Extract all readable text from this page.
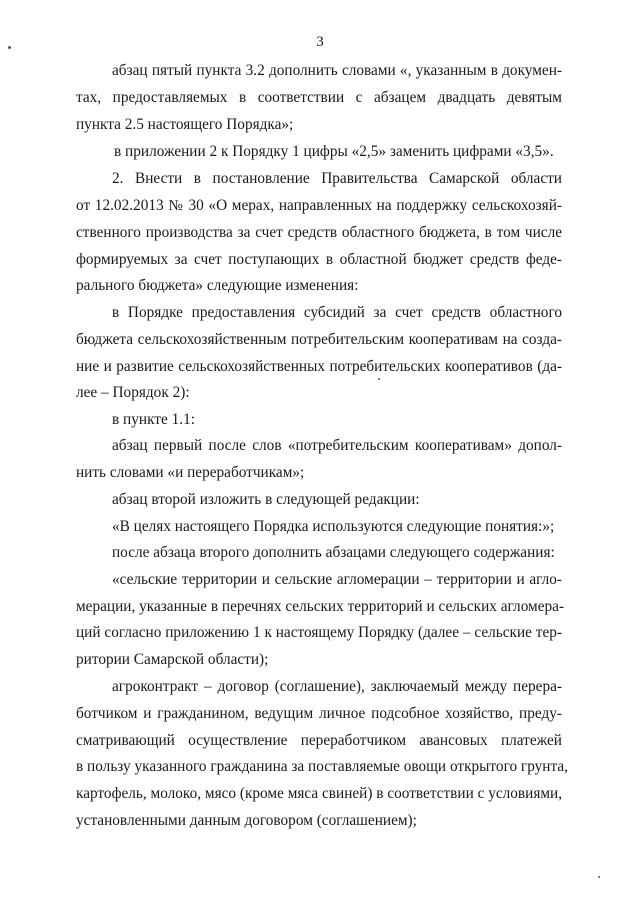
3
абзац пятый пункта 3.2 дополнить словами «, указанным в докумен-
тах, предоставляемых в соответствии с абзацем двадцать девятым
пункта 2.5 настоящего Порядка»;
в приложении 2 к Порядку 1 цифры «2,5» заменить цифрами «3,5».
2. Внести в постановление Правительства Самарской области
от 12.02.2013 № 30 «О мерах, направленных на поддержку сельскохозяй-
ственного производства за счет средств областного бюджета, в том числе
формируемых за счет поступающих в областной бюджет средств феде-
рального бюджета» следующие изменения:
в Порядке предоставления субсидий за счет средств областного
бюджета сельскохозяйственным потребительским кооперативам на созда-
ние и развитие сельскохозяйственных потребительских кооперативов (да-
лее – Порядок 2):
в пункте 1.1:
абзац первый после слов «потребительским кооперативам» допол-
нить словами «и переработчикам»;
абзац второй изложить в следующей редакции:
«В целях настоящего Порядка используются следующие понятия:»;
после абзаца второго дополнить абзацами следующего содержания:
«сельские территории и сельские агломерации – территории и агло-
мерации, указанные в перечнях сельских территорий и сельских агломера-
ций согласно приложению 1 к настоящему Порядку (далее – сельские тер-
ритории Самарской области);
агроконтракт – договор (соглашение), заключаемый между перера-
ботчиком и гражданином, ведущим личное подсобное хозяйство, преду-
сматривающий осуществление переработчиком авансовых платежей
в пользу указанного гражданина за поставляемые овощи открытого грунта,
картофель, молоко, мясо (кроме мяса свиней) в соответствии с условиями,
установленными данным договором (соглашением);
